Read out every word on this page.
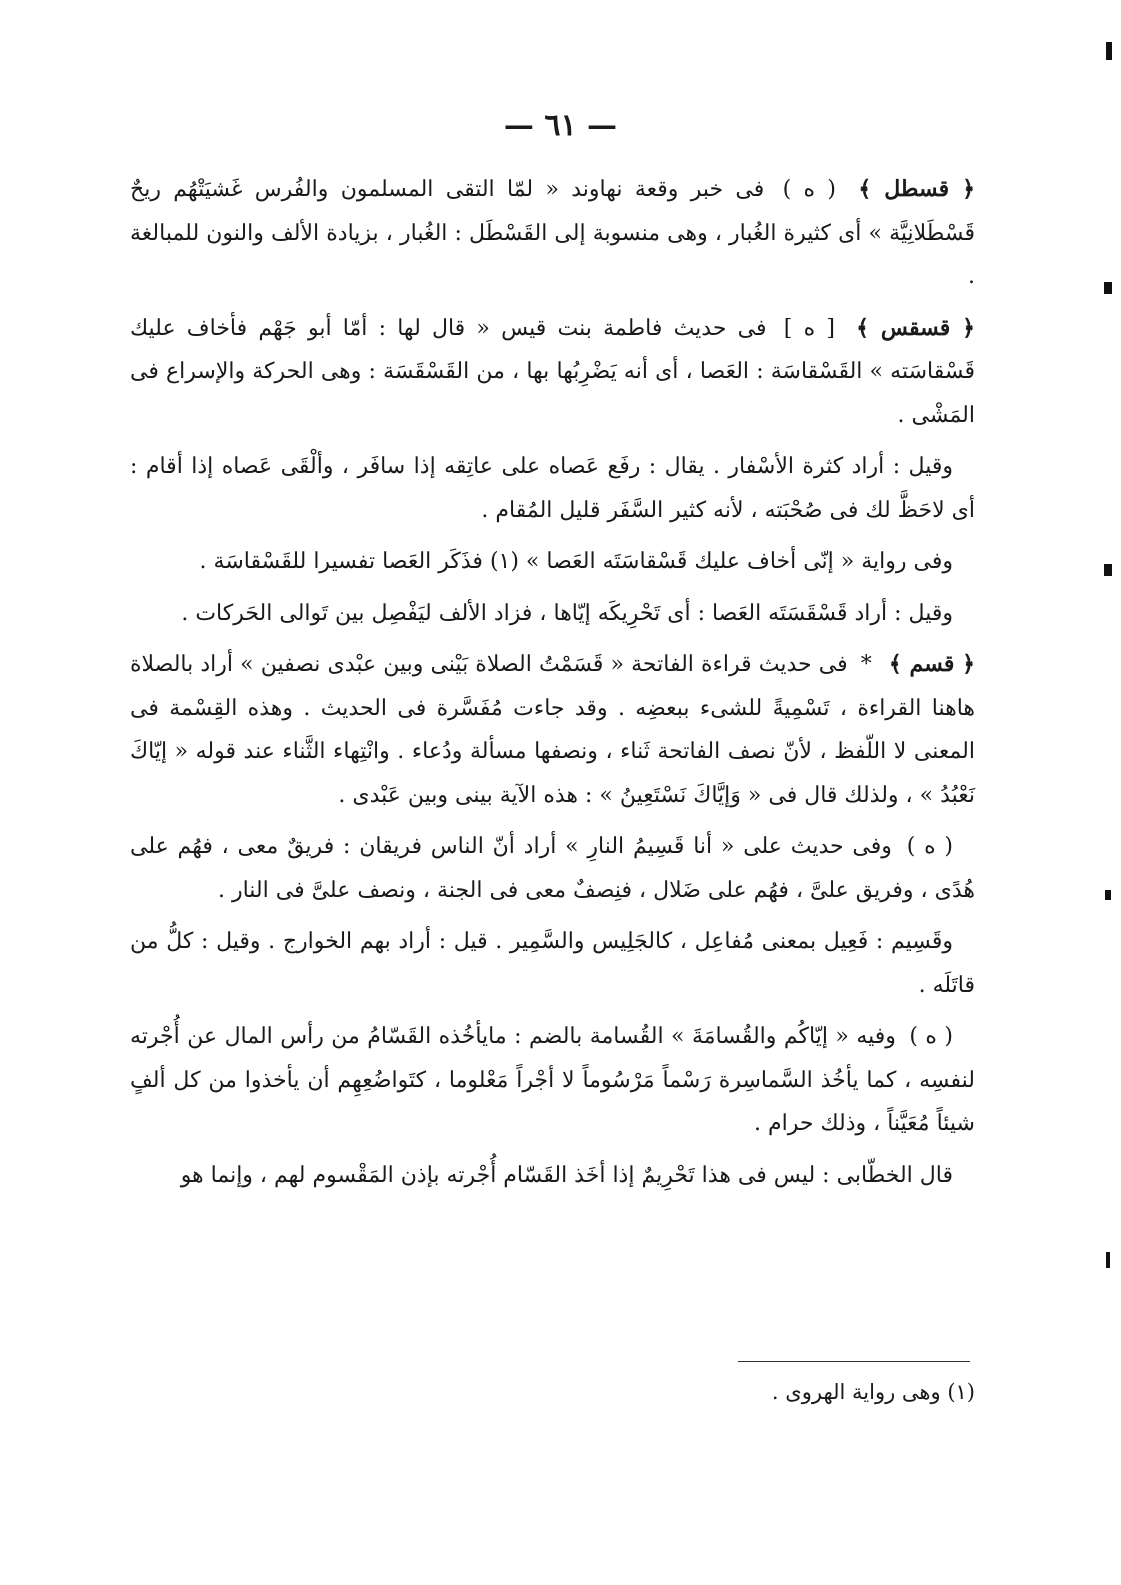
— ٦١ —

﴿ قسطل ﴾ ( ه ) فى خبر وقعة نهاوند « لمّا التقى المسلمون والفُرس غَشيَتْهُم ريحٌ قَسْطَلانِيَّة » أى كثيرة الغُبار ، وهى منسوبة إلى القَسْطَل : الغُبار ، بزيادة الألف والنون للمبالغة .

﴿ قسقس ﴾ [ ه ] فى حديث فاطمة بنت قيس « قال لها : أمّا أبو جَهْم فأخاف عليك قَسْقاسَته » القَسْقاسَة : العَصا ، أى أنه يَضْرِبُها بها ، من القَسْقَسَة : وهى الحركة والإسراع فى المَشْى .

وقيل : أراد كثرة الأسْفار . يقال : رفَع عَصاه على عاتِقه إذا سافَر ، وألْقَى عَصاه إذا أقام : أى لاحَظَّ لك فى صُحْبَته ، لأنه كثير السَّفَر قليل المُقام .

وفى رواية « إنّى أخاف عليك قَسْقاسَتَه العَصا » (١) فذَكَر العَصا تفسيرا للقَسْقاسَة .

وقيل : أراد قَسْقَسَتَه العَصا : أى تَحْرِيكَه إيّاها ، فزاد الألف ليَفْصِل بين تَوالى الحَركات .

﴿ قسم ﴾ * فى حديث قراءة الفاتحة « قَسَمْتُ الصلاة بَيْنى وبين عبْدى نصفين » أراد بالصلاة هاهنا القراءة ، تَسْمِيةً للشىء ببعضِه . وقد جاءت مُفَسَّرة فى الحديث . وهذه القِسْمة فى المعنى لا اللّفظ ، لأنّ نصف الفاتحة ثَناء ، ونصفها مسألة ودُعاء . وانْتِهاء الثَّناء عند قوله « إيّاكَ نَعْبُدُ » ، ولذلك قال فى « وَإيَّاكَ نَسْتَعِينُ » : هذه الآية بينى وبين عَبْدى .

( ه ) وفى حديث على « أنا قَسِيمُ النارِ » أراد أنّ الناس فريقان : فريقٌ معى ، فهُم على هُدًى ، وفريق علىَّ ، فهُم على ضَلال ، فنِصفٌ معى فى الجنة ، ونصف علىَّ فى النار .

وقَسِيم : فَعِيل بمعنى مُفاعِل ، كالجَلِيس والسَّمِير . قيل : أراد بهم الخوارج . وقيل : كلُّ من قاتَلَه .

( ه ) وفيه « إيّاكُم والقُسامَةَ » القُسامة بالضم : مايأخُذه القَسّامُ من رأس المال عن أُجْرته لنفسِه ، كما يأخُذ السَّماسِرة رَسْماً مَرْسُوماً لا أجْراً مَعْلوما ، كتَواضُعِهِم أن يأخذوا من كل ألفٍ شيئاً مُعَيَّناً ، وذلك حرام .

قال الخطّابى : ليس فى هذا تَحْرِيمٌ إذا أخَذ القَسّام أُجْرته بإذن المَقْسوم لهم ، وإنما هو

(١) وهى رواية الهروى .
